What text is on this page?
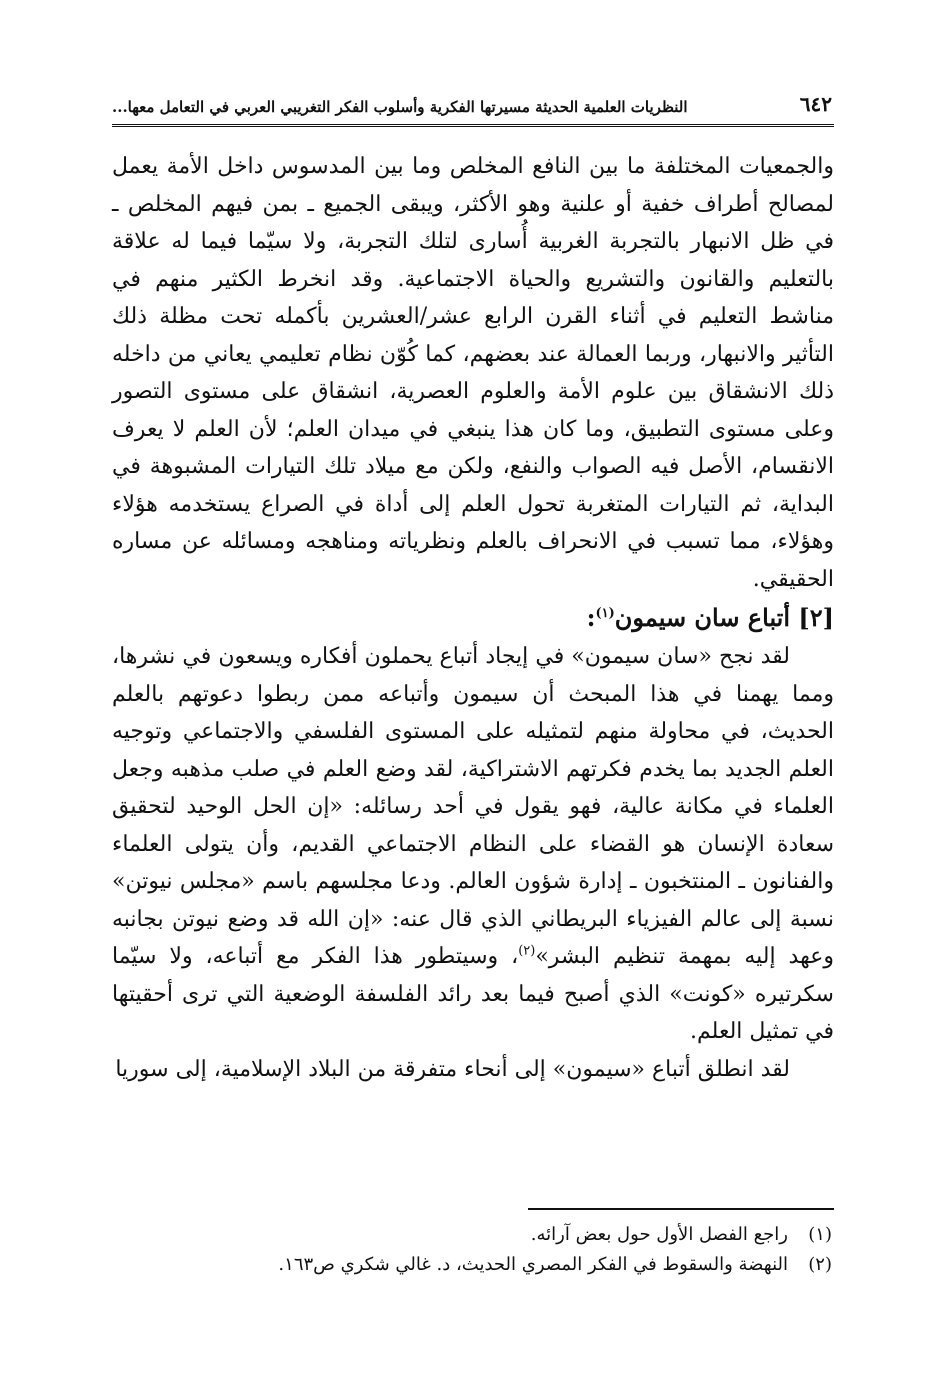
٦٤٢
النظريات العلمية الحديثة مسيرتها الفكرية وأسلوب الفكر التغريبي العربي في التعامل معها...

والجمعيات المختلفة ما بين النافع المخلص وما بين المدسوس داخل الأمة يعمل لمصالح أطراف خفية أو علنية وهو الأكثر، ويبقى الجميع ـ بمن فيهم المخلص ـ في ظل الانبهار بالتجربة الغربية أُسارى لتلك التجربة، ولا سيّما فيما له علاقة بالتعليم والقانون والتشريع والحياة الاجتماعية. وقد انخرط الكثير منهم في مناشط التعليم في أثناء القرن الرابع عشر/العشرين بأكمله تحت مظلة ذلك التأثير والانبهار، وربما العمالة عند بعضهم، كما كُوّن نظام تعليمي يعاني من داخله ذلك الانشقاق بين علوم الأمة والعلوم العصرية، انشقاق على مستوى التصور وعلى مستوى التطبيق، وما كان هذا ينبغي في ميدان العلم؛ لأن العلم لا يعرف الانقسام، الأصل فيه الصواب والنفع، ولكن مع ميلاد تلك التيارات المشبوهة في البداية، ثم التيارات المتغربة تحول العلم إلى أداة في الصراع يستخدمه هؤلاء وهؤلاء، مما تسبب في الانحراف بالعلم ونظرياته ومناهجه ومسائله عن مساره الحقيقي.

[٢] أتباع سان سيمون$^{(١)}$:

لقد نجح «سان سيمون» في إيجاد أتباع يحملون أفكاره ويسعون في نشرها، ومما يهمنا في هذا المبحث أن سيمون وأتباعه ممن ربطوا دعوتهم بالعلم الحديث، في محاولة منهم لتمثيله على المستوى الفلسفي والاجتماعي وتوجيه العلم الجديد بما يخدم فكرتهم الاشتراكية، لقد وضع العلم في صلب مذهبه وجعل العلماء في مكانة عالية، فهو يقول في أحد رسائله: «إن الحل الوحيد لتحقيق سعادة الإنسان هو القضاء على النظام الاجتماعي القديم، وأن يتولى العلماء والفنانون ـ المنتخبون ـ إدارة شؤون العالم. ودعا مجلسهم باسم «مجلس نيوتن» نسبة إلى عالم الفيزياء البريطاني الذي قال عنه: «إن الله قد وضع نيوتن بجانبه وعهد إليه بمهمة تنظيم البشر»$^{(٢)}$، وسيتطور هذا الفكر مع أتباعه، ولا سيّما سكرتيره «كونت» الذي أصبح فيما بعد رائد الفلسفة الوضعية التي ترى أحقيتها في تمثيل العلم.

لقد انطلق أتباع «سيمون» إلى أنحاء متفرقة من البلاد الإسلامية، إلى سوريا

(١)
راجع الفصل الأول حول بعض آرائه.
(٢)
النهضة والسقوط في الفكر المصري الحديث، د. غالي شكري ص١٦٣.
